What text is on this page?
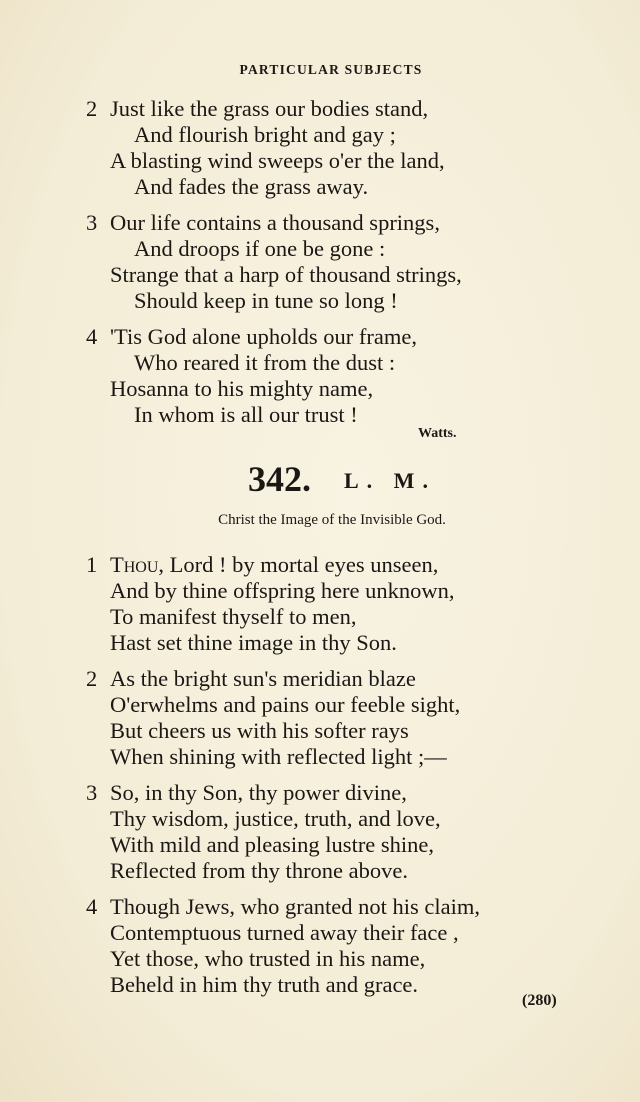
PARTICULAR SUBJECTS
2 Just like the grass our bodies stand,
And flourish bright and gay ;
A blasting wind sweeps o'er the land,
And fades the grass away.
3 Our life contains a thousand springs,
And droops if one be gone :
Strange that a harp of thousand strings,
Should keep in tune so long !
4 'Tis God alone upholds our frame,
Who reared it from the dust :
Hosanna to his mighty name,
In whom is all our trust !
Watts.
342. L. M.
Christ the Image of the Invisible God.
1 Thou, Lord ! by mortal eyes unseen,
And by thine offspring here unknown,
To manifest thyself to men,
Hast set thine image in thy Son.
2 As the bright sun's meridian blaze
O'erwhelms and pains our feeble sight,
But cheers us with his softer rays
When shining with reflected light ;—
3 So, in thy Son, thy power divine,
Thy wisdom, justice, truth, and love,
With mild and pleasing lustre shine,
Reflected from thy throne above.
4 Though Jews, who granted not his claim,
Contemptuous turned away their face ,
Yet those, who trusted in his name,
Beheld in him thy truth and grace.
(280)
